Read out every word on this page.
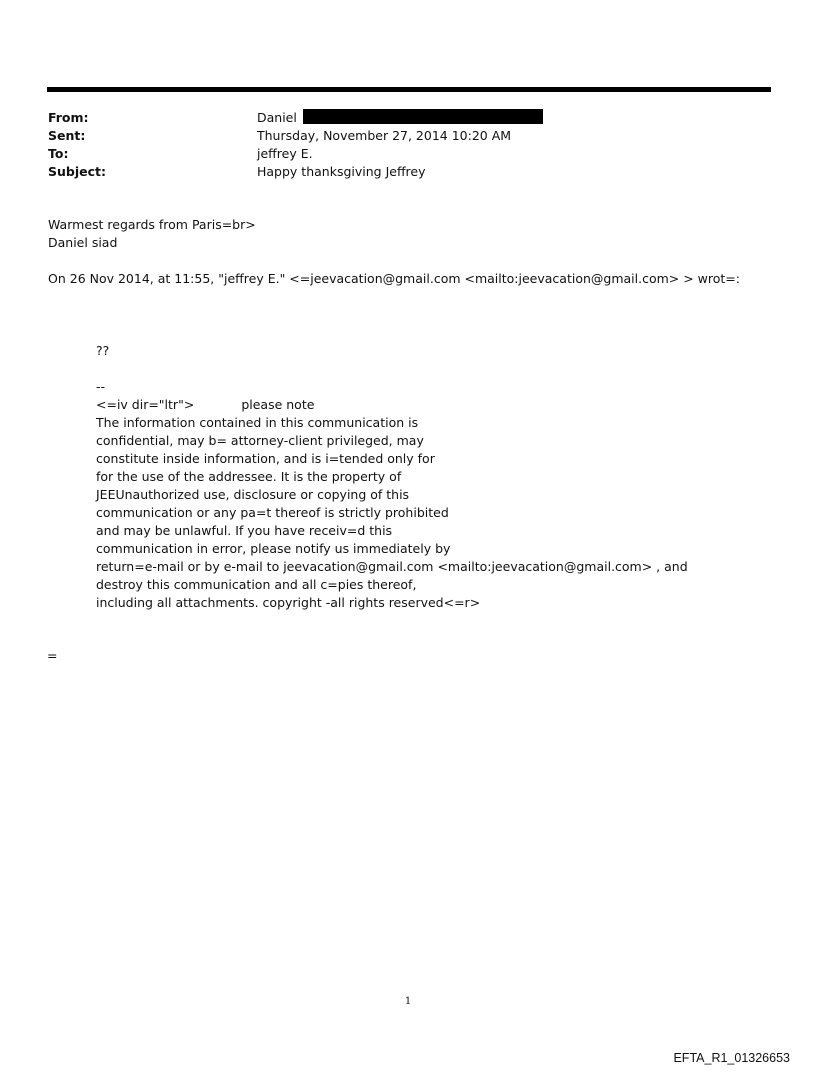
From:	Daniel
Sent:	Thursday, November 27, 2014 10:20 AM
To:	jeffrey E.
Subject:	Happy thanksgiving Jeffrey

Warmest regards from Paris=br>

Daniel siad

On 26 Nov 2014, at 11:55, "jeffrey E." <=jeevacation@gmail.com <mailto:jeevacation@gmail.com> > wrot=:

??

--

<=iv dir="ltr">	please note

The information contained in this communication is

confidential, may b= attorney-client privileged, may

constitute inside information, and is i=tended only for

for the use of the addressee. It is the property of

JEEUnauthorized use, disclosure or copying of this

communication or any pa=t thereof is strictly prohibited

and may be unlawful. If you have receiv=d this

communication in error, please notify us immediately by

return=e-mail or by e-mail to jeevacation@gmail.com <mailto:jeevacation@gmail.com> , and

destroy this communication and all c=pies thereof,

including all attachments. copyright -all rights reserved<=r>

=
1
EFTA_R1_01326653
